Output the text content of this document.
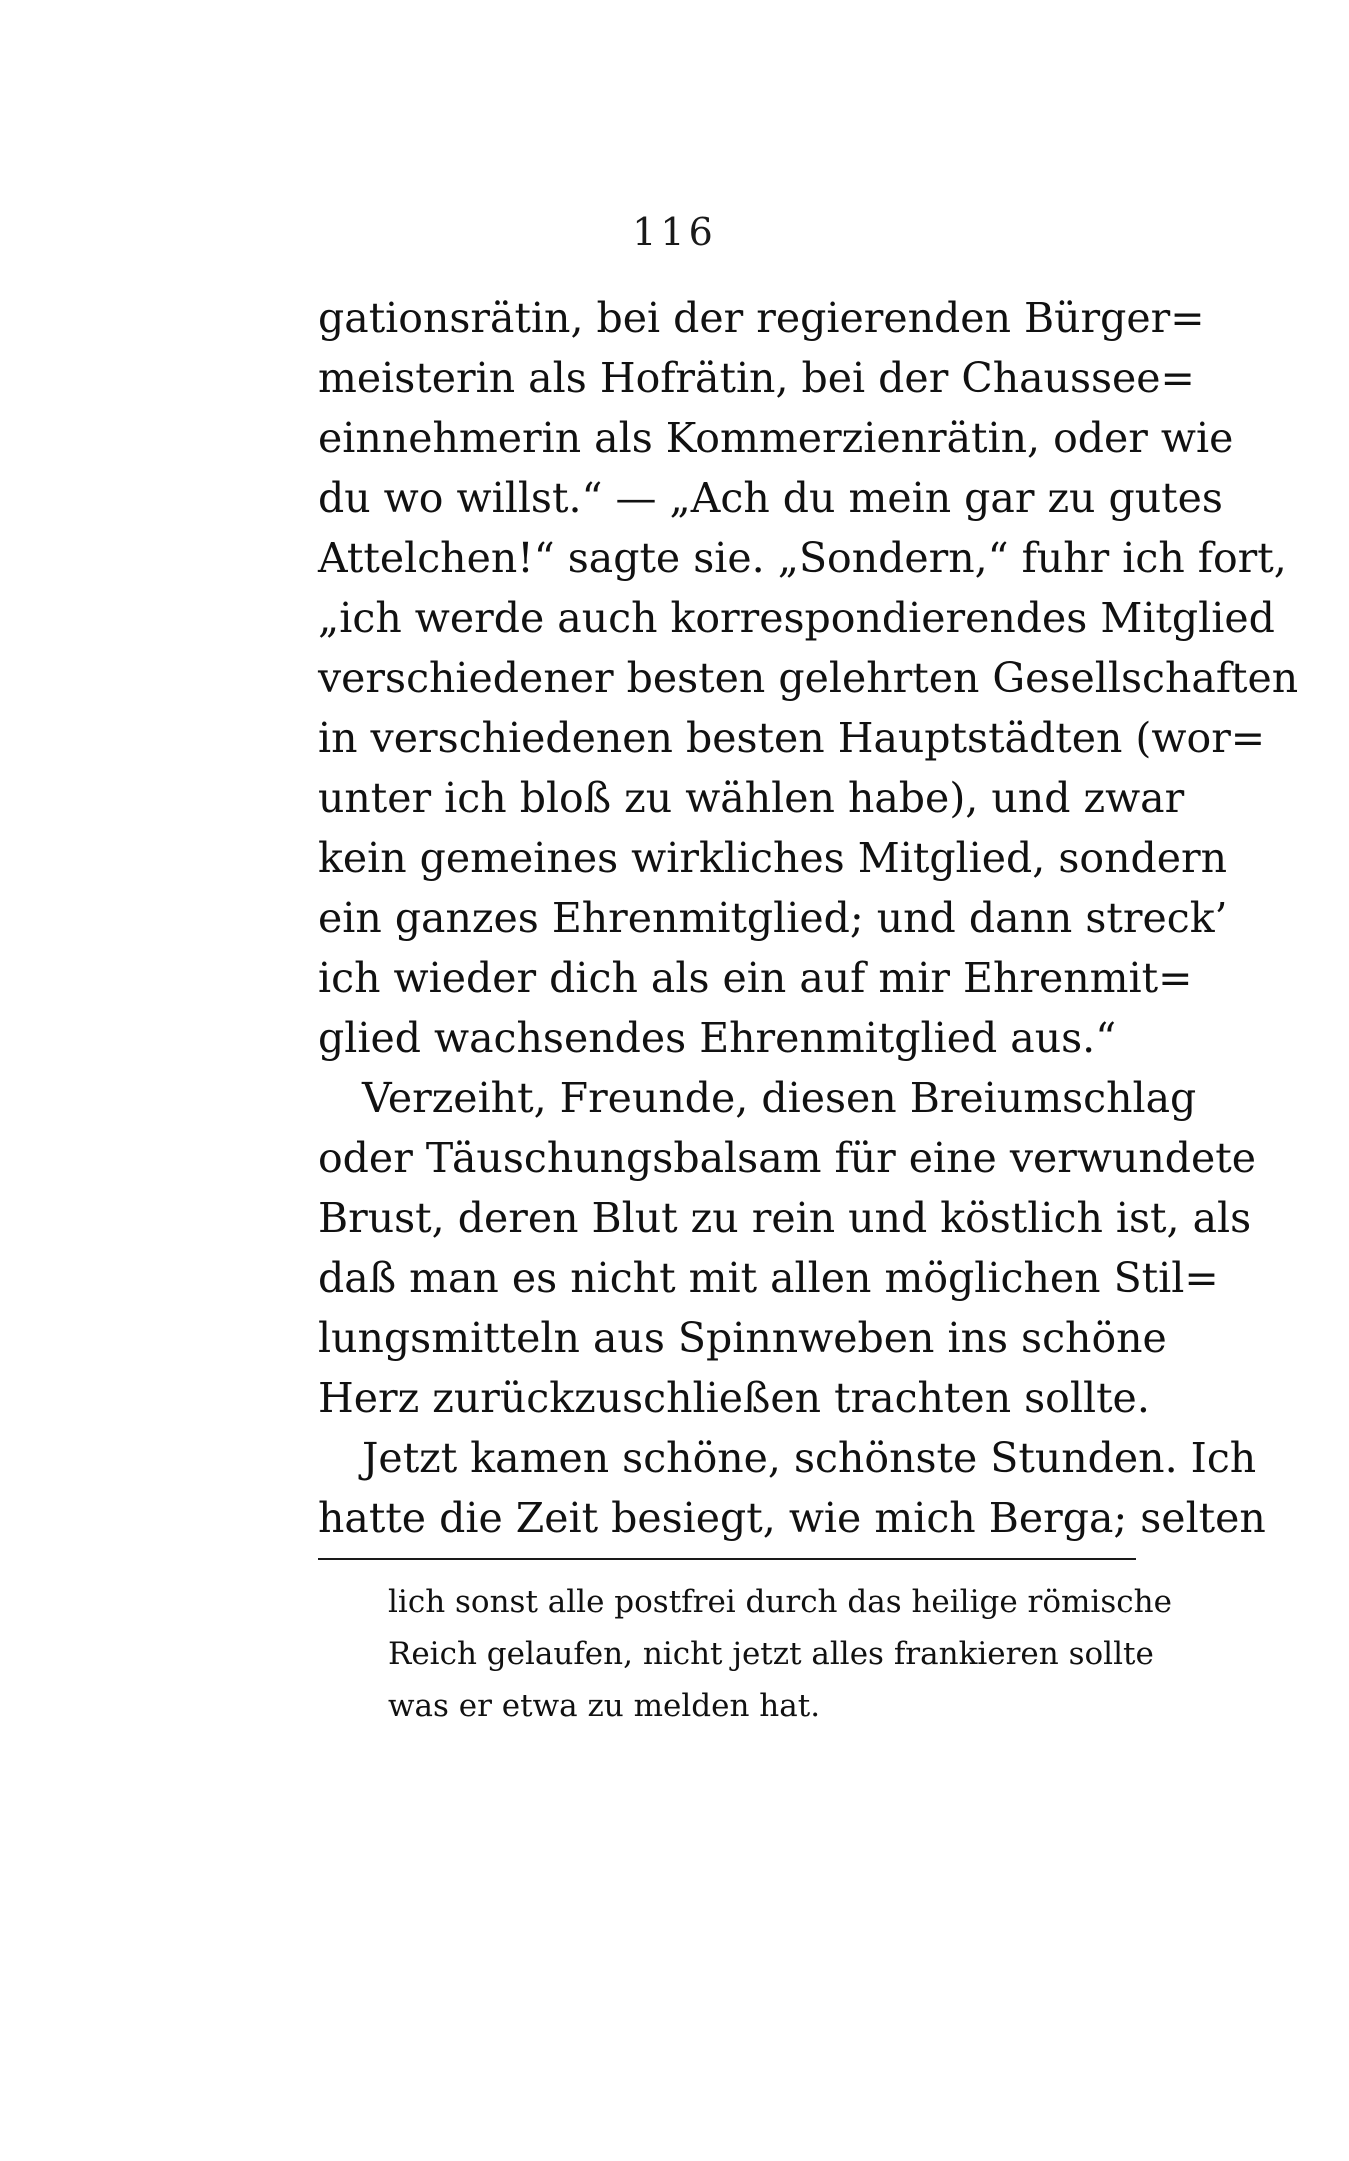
116
gationsrätin, bei der regierenden Bürger=
meisterin als Hofrätin, bei der Chaussee=
einnehmerin als Kommerzienrätin, oder wie
du wo willst.“ — „Ach du mein gar zu gutes
Attelchen!“ sagte sie. „Sondern,“ fuhr ich fort,
„ich werde auch korrespondierendes Mitglied
verschiedener besten gelehrten Gesellschaften
in verschiedenen besten Hauptstädten (wor=
unter ich bloß zu wählen habe), und zwar
kein gemeines wirkliches Mitglied, sondern
ein ganzes Ehrenmitglied; und dann streck’
ich wieder dich als ein auf mir Ehrenmit=
glied wachsendes Ehrenmitglied aus.“
Verzeiht, Freunde, diesen Breiumschlag
oder Täuschungsbalsam für eine verwundete
Brust, deren Blut zu rein und köstlich ist, als
daß man es nicht mit allen möglichen Stil=
lungsmitteln aus Spinnweben ins schöne
Herz zurückzuschließen trachten sollte.
Jetzt kamen schöne, schönste Stunden. Ich
hatte die Zeit besiegt, wie mich Berga; selten
lich sonst alle postfrei durch das heilige römische
Reich gelaufen, nicht jetzt alles frankieren sollte
was er etwa zu melden hat.
